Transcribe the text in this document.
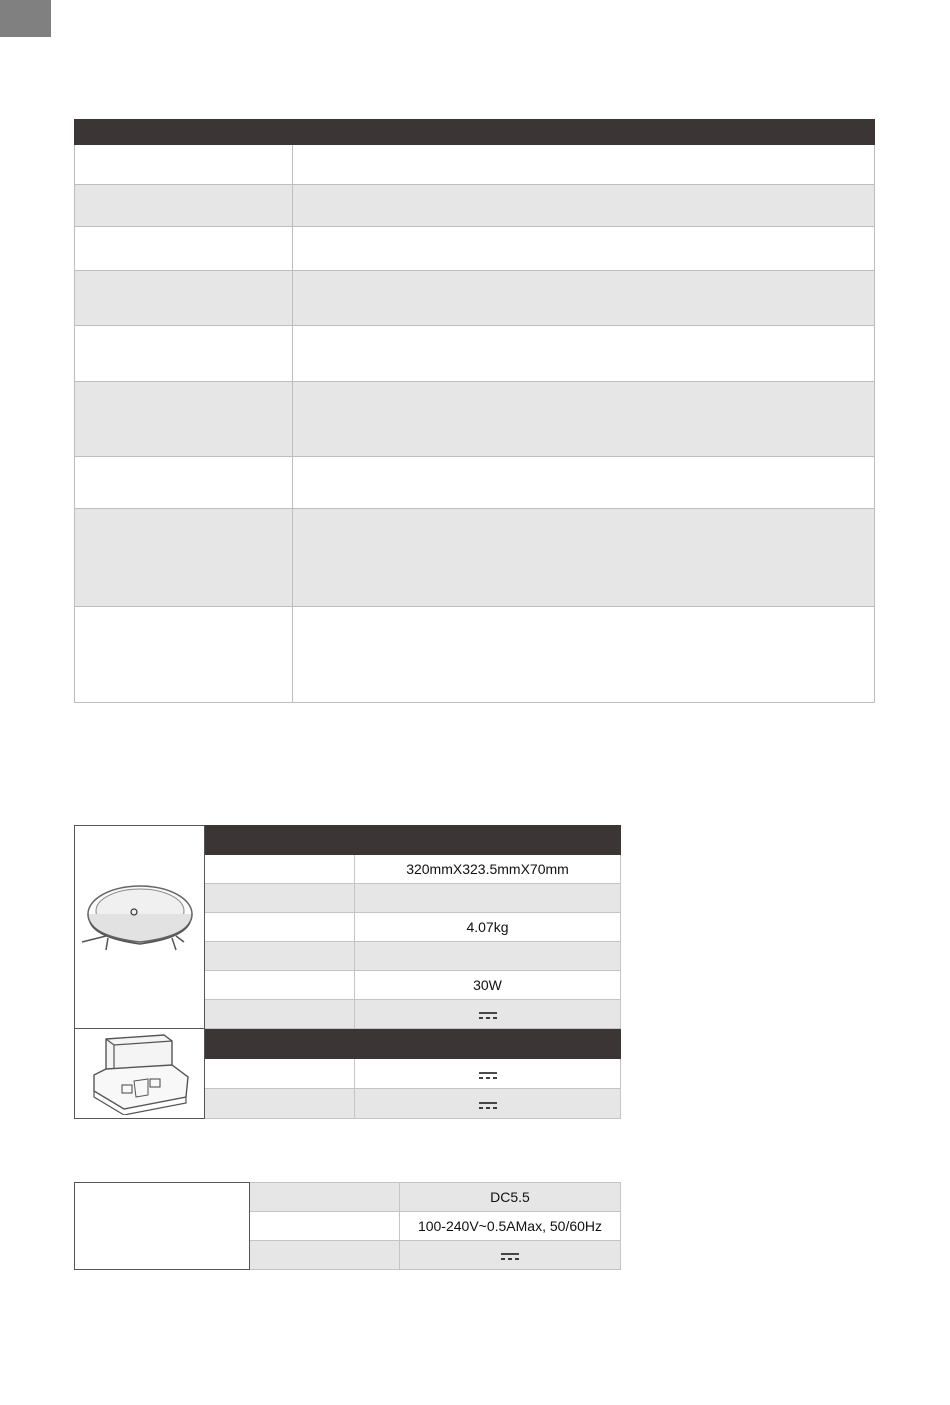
		320mmX323.5mmX70mm

		4.07kg

		30W

		DC5.5
		100-240V~0.5AMax, 50/60Hz
